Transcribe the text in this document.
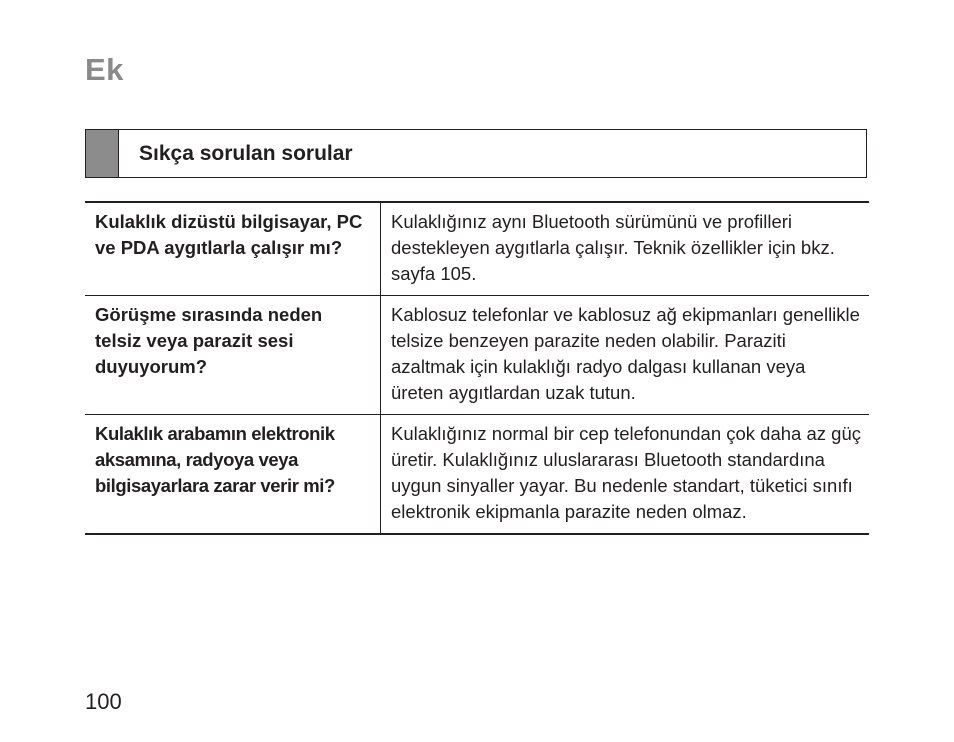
Ek
Sıkça sorulan sorular
Kulaklık dizüstü bilgisayar, PC ve PDA aygıtlarla çalışır mı?	Kulaklığınız aynı Bluetooth sürümünü ve profilleri destekleyen aygıtlarla çalışır. Teknik özellikler için bkz. sayfa 105.
Görüşme sırasında neden telsiz veya parazit sesi duyuyorum?	Kablosuz telefonlar ve kablosuz ağ ekipmanları genellikle telsize benzeyen parazite neden olabilir. Paraziti azaltmak için kulaklığı radyo dalgası kullanan veya üreten aygıtlardan uzak tutun.
Kulaklık arabamın elektronik aksamına, radyoya veya bilgisayarlara zarar verir mi?	Kulaklığınız normal bir cep telefonundan çok daha az güç üretir. Kulaklığınız uluslararası Bluetooth standardına uygun sinyaller yayar. Bu nedenle standart, tüketici sınıfı elektronik ekipmanla parazite neden olmaz.
100
